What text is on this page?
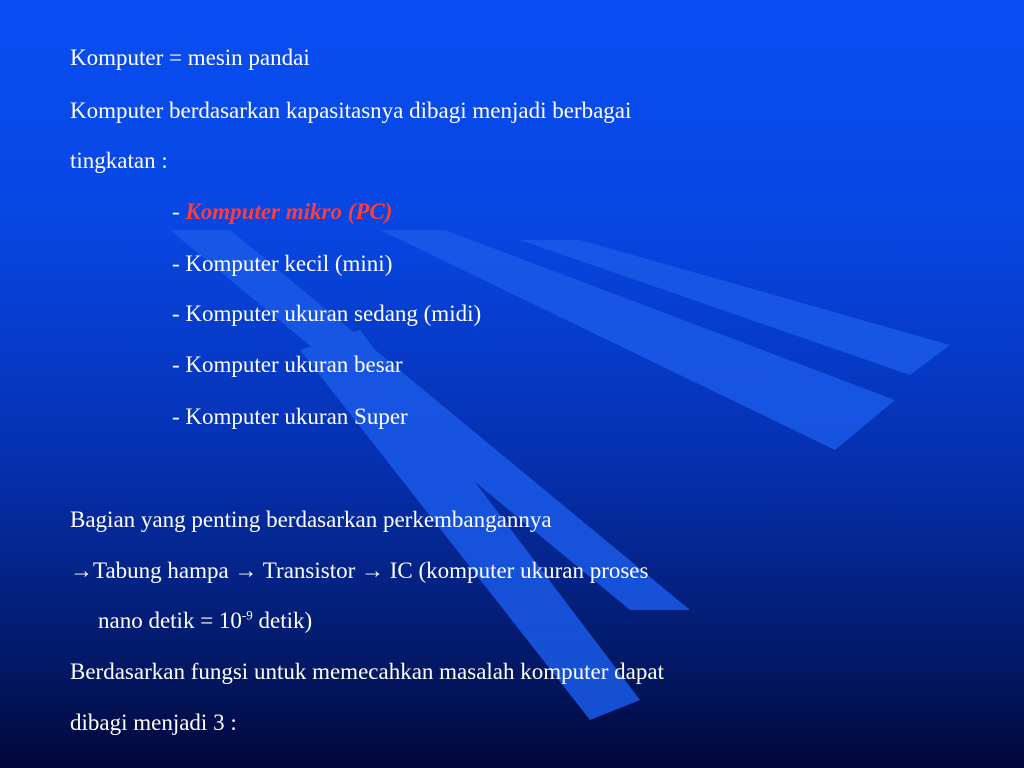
Komputer = mesin pandai

Komputer berdasarkan kapasitasnya dibagi menjadi berbagai

tingkatan :

- Komputer mikro (PC)

- Komputer kecil (mini)

- Komputer ukuran sedang (midi)

- Komputer ukuran besar

- Komputer ukuran Super

Bagian yang penting berdasarkan perkembangannya

→Tabung hampa → Transistor → IC (komputer ukuran proses

nano detik = $10^{-9}$ detik)

Berdasarkan fungsi untuk memecahkan masalah komputer dapat

dibagi menjadi 3 :
